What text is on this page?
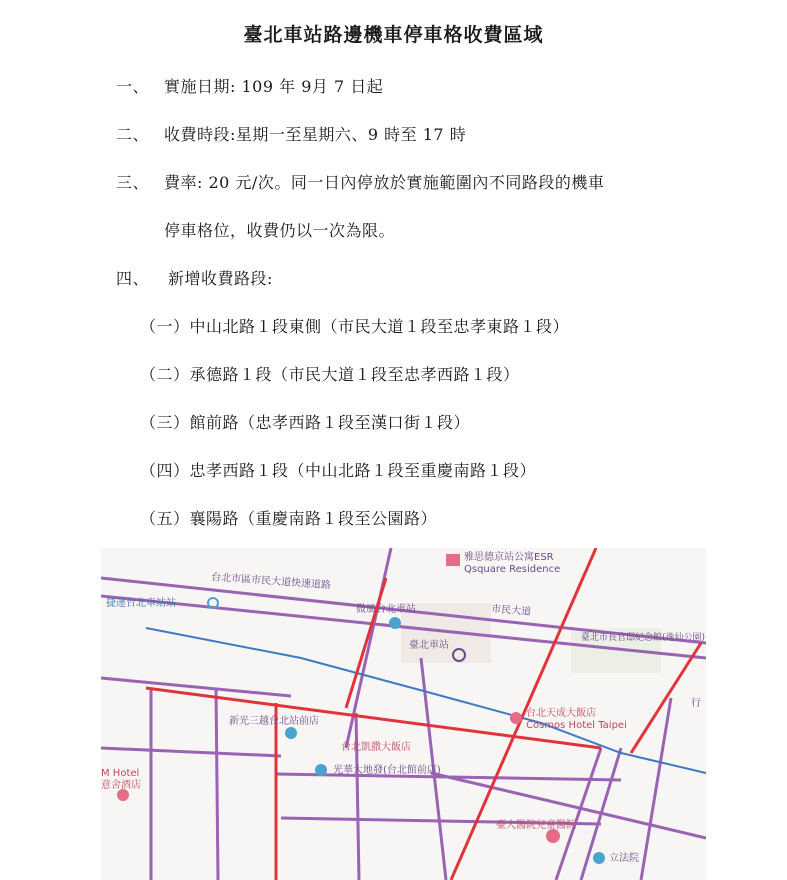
臺北車站路邊機車停車格收費區域
一、 實施日期: 109 年 9月 7 日起
二、 收費時段:星期一至星期六、9 時至 17 時
三、 費率: 20 元/次。同一日內停放於實施範圍內不同路段的機車
停車格位，收費仍以一次為限。
四、 新增收費路段:
（一）中山北路１段東側（市民大道１段至忠孝東路１段）
（二）承德路１段（市民大道１段至忠孝西路１段）
（三）館前路（忠孝西路１段至漢口街１段）
（四）忠孝西路１段（中山北路１段至重慶南路１段）
（五）襄陽路（重慶南路１段至公園路）
雅思德京站公寓ESR
Qsquare Residence
台北市區市民大道快速道路
捷運台北車站站
微風台北車站	市民大道
臺北車站
臺北市長官邸紀念館(逸仙公園)
台北天成大飯店
Cosmos Hotel Taipei
新光三越台北站前店
台北凱撒大飯店
M Hotel
意舍酒店
光華大地發(台北館前店)
臺大醫院兒童醫院
立法院
行
